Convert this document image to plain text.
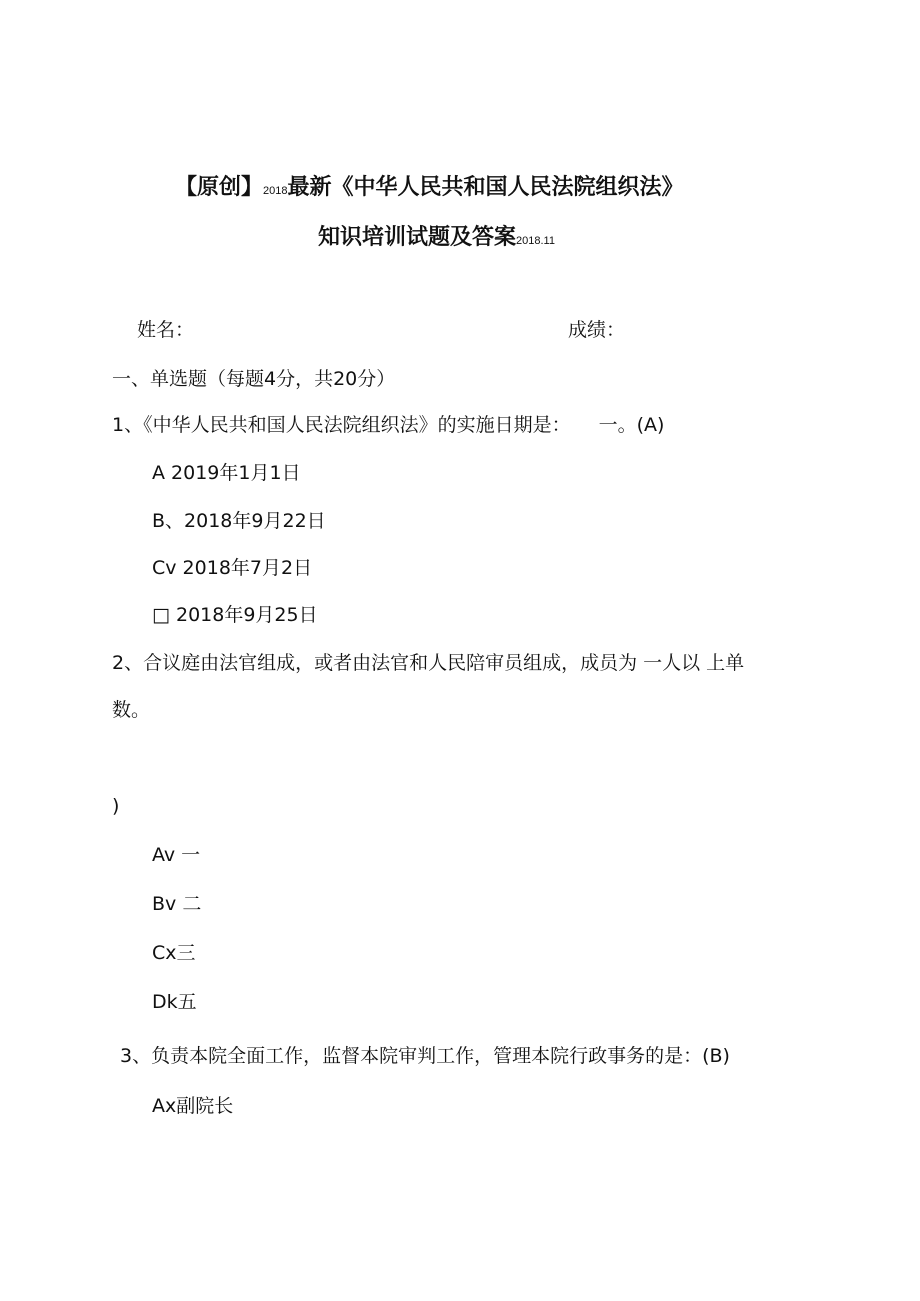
【原创】2018最新《中华人民共和国人民法院组织法》
知识培训试题及答案2018.11
姓名：	成绩：
一、单选题（每题4分，共20分）
1、《中华人民共和国人民法院组织法》的实施日期是： 一。(A)
A 2019年1月1日
B、2018年9月22日
Cv 2018年7月2日
□ 2018年9月25日
2、合议庭由法官组成，或者由法官和人民陪审员组成，成员为 一人以 上单
数。
)
Av 一
Bv 二
Cx三
Dk五
3、负责本院全面工作，监督本院审判工作，管理本院行政事务的是：(B)
Ax副院长
